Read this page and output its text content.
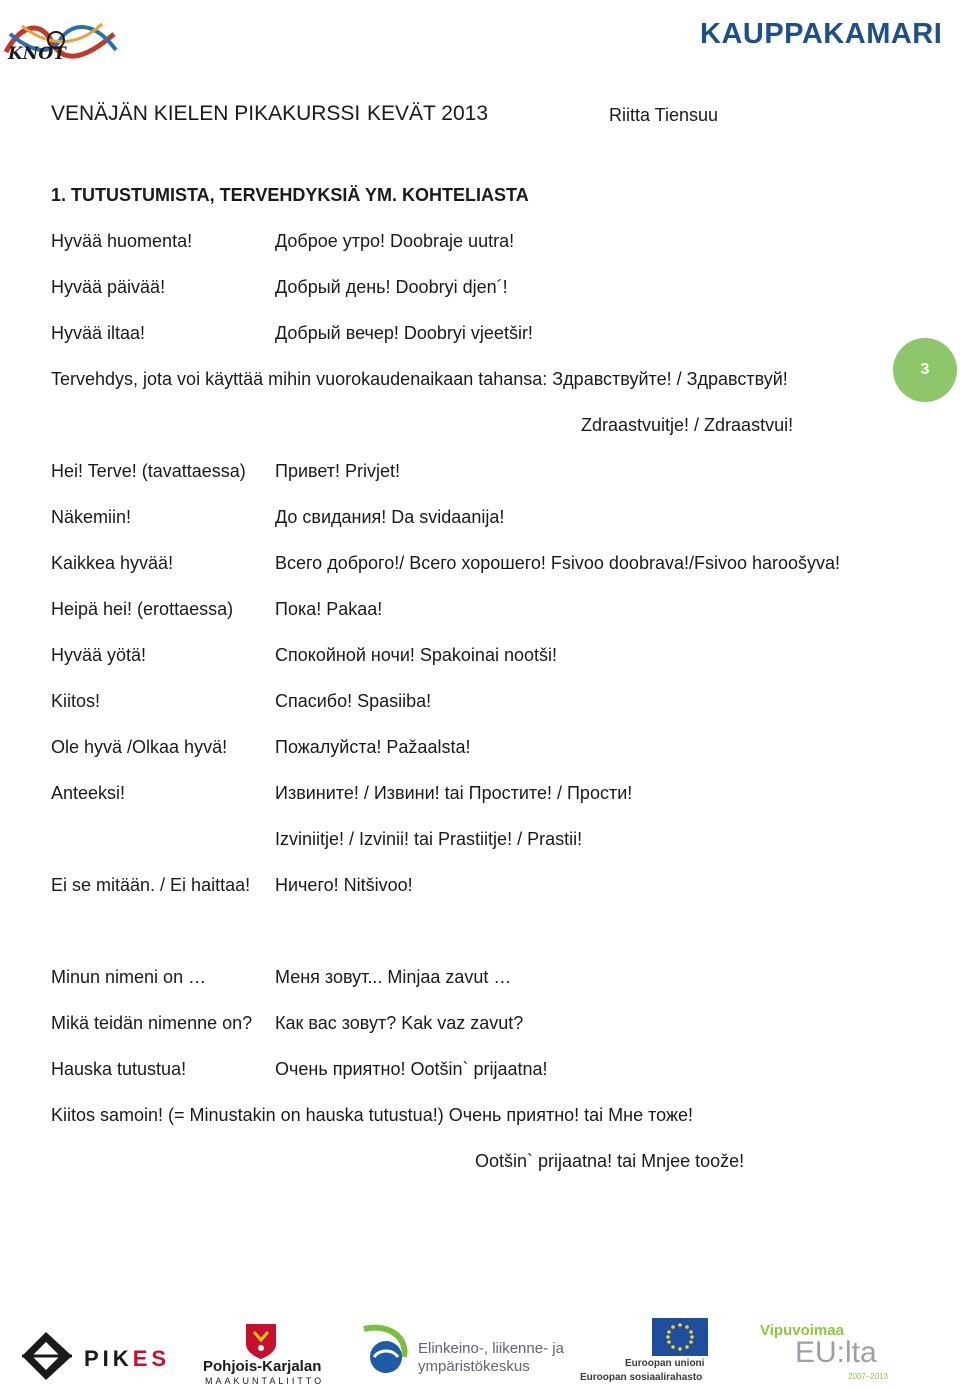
KNOT
KAUPPAKAMARI
VENÄJÄN KIELEN PIKAKURSSI KEVÄT 2013	Riitta Tiensuu
3
1. TUTUSTUMISTA, TERVEHDYKSIÄ YM. KOHTELIASTA
Hyvää huomenta!	Доброе утро! Doobraje uutra!
Hyvää päivää!	Добрый день! Doobryi djen´!
Hyvää iltaa!	Добрый вечер! Doobryi vjeetšir!
Tervehdys, jota voi käyttää mihin vuorokaudenaikaan tahansa: Здравствуйте! / Здравствуй!
Zdraastvuitje! / Zdraastvui!
Hei! Terve! (tavattaessa) Привет! Privjet!
Näkemiin!	До свидания! Da svidaanija!
Kaikkea hyvää!	Всего доброго!/ Всего хорошего! Fsivoo doobrava!/Fsivoo haroošyva!
Heipä hei! (erottaessa) Пока! Pakaa!
Hyvää yötä!	Спокойной ночи! Spakoinai nootši!
Kiitos!	Спасибо! Spasiiba!
Ole hyvä /Olkaa hyvä!	Пожалуйста! Pažaalsta!
Anteeksi!	Извините! / Извини! tai Простите! / Прости!
Izviniitje! / Izvinii! tai Prastiitje! / Prastii!
Ei se mitään. / Ei haittaa! Ничего! Nitšivoo!
Minun nimeni on …	Меня зовут... Minjaa zavut …
Mikä teidän nimenne on? Как вас зовут? Kak vaz zavut?
Hauska tutustua!	Очень приятно! Ootšin` prijaatna!
Kiitos samoin! (= Minustakin on hauska tutustua!) Очень приятно! tai Мне тоже!
Ootšin` prijaatna! tai Mnjee toože!
PIKES Pohjois-Karjalan
MAAKUNTALIITTO
Elinkeino-, liikenne- ja
ympäristökeskus	Euroopan unioni
Euroopan sosiaalirahasto
Vipuvoimaa
EU:lta
2007–2013
